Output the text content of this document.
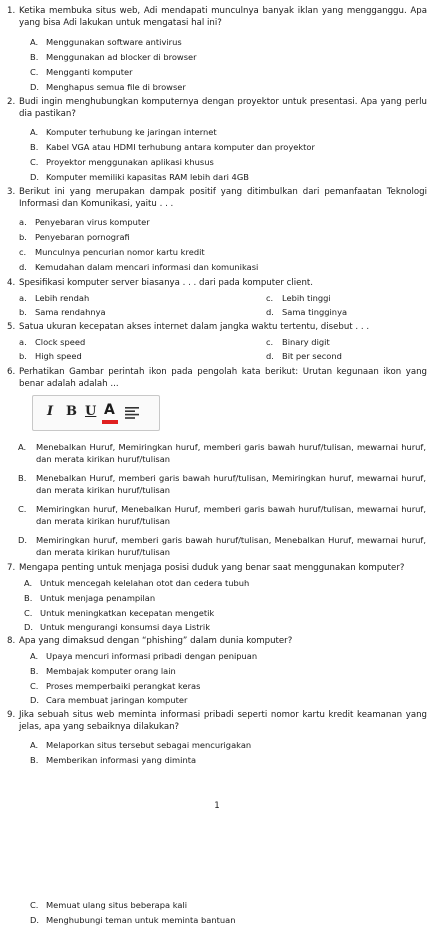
1. Ketika membuka situs web, Adi mendapati munculnya banyak iklan yang mengganggu. Apa yang bisa Adi lakukan untuk mengatasi hal ini?
A. Menggunakan software antivirus
B. Menggunakan ad blocker di browser
C. Mengganti komputer
D. Menghapus semua file di browser
2. Budi ingin menghubungkan komputernya dengan proyektor untuk presentasi. Apa yang perlu dia pastikan?
A. Komputer terhubung ke jaringan internet
B. Kabel VGA atau HDMI terhubung antara komputer dan proyektor
C. Proyektor menggunakan aplikasi khusus
D. Komputer memiliki kapasitas RAM lebih dari 4GB
3. Berikut ini yang merupakan dampak positif yang ditimbulkan dari pemanfaatan Teknologi Informasi dan Komunikasi, yaitu . . .
a. Penyebaran virus komputer
b. Penyebaran pornografi
c. Munculnya pencurian nomor kartu kredit
d. Kemudahan dalam mencari informasi dan komunikasi
4. Spesifikasi komputer server biasanya . . . dari pada komputer client.
a. Lebih rendah	c. Lebih tinggi
b. Sama rendahnya	d. Sama tingginya
5. Satua ukuran kecepatan akses internet dalam jangka waktu tertentu, disebut . . .
a. Clock speed	c. Binary digit
b. High speed	d. Bit per second
6. Perhatikan Gambar perintah ikon pada pengolah kata berikut: Urutan kegunaan ikon yang benar adalah adalah ...
I B U A
A.	Menebalkan Huruf, Memiringkan huruf, memberi garis bawah huruf/tulisan, mewarnai huruf, dan merata kirikan huruf/tulisan
B.	Menebalkan Huruf, memberi garis bawah huruf/tulisan, Memiringkan huruf, mewarnai huruf, dan merata kirikan huruf/tulisan
C.	Memiringkan huruf, Menebalkan Huruf, memberi garis bawah huruf/tulisan, mewarnai huruf, dan merata kirikan huruf/tulisan
D.	Memiringkan huruf, memberi garis bawah huruf/tulisan, Menebalkan Huruf, mewarnai huruf, dan merata kirikan huruf/tulisan
7. Mengapa penting untuk menjaga posisi duduk yang benar saat menggunakan komputer?
A. Untuk mencegah kelelahan otot dan cedera tubuh
B. Untuk menjaga penampilan
C. Untuk meningkatkan kecepatan mengetik
D. Untuk mengurangi konsumsi daya Listrik
8. Apa yang dimaksud dengan “phishing” dalam dunia komputer?
A. Upaya mencuri informasi pribadi dengan penipuan
B. Membajak komputer orang lain
C. Proses memperbaiki perangkat keras
D. Cara membuat jaringan komputer
9. Jika sebuah situs web meminta informasi pribadi seperti nomor kartu kredit keamanan yang jelas, apa yang sebaiknya dilakukan?
A. Melaporkan situs tersebut sebagai mencurigakan
B. Memberikan informasi yang diminta
1
C. Memuat ulang situs beberapa kali
D. Menghubungi teman untuk meminta bantuan
